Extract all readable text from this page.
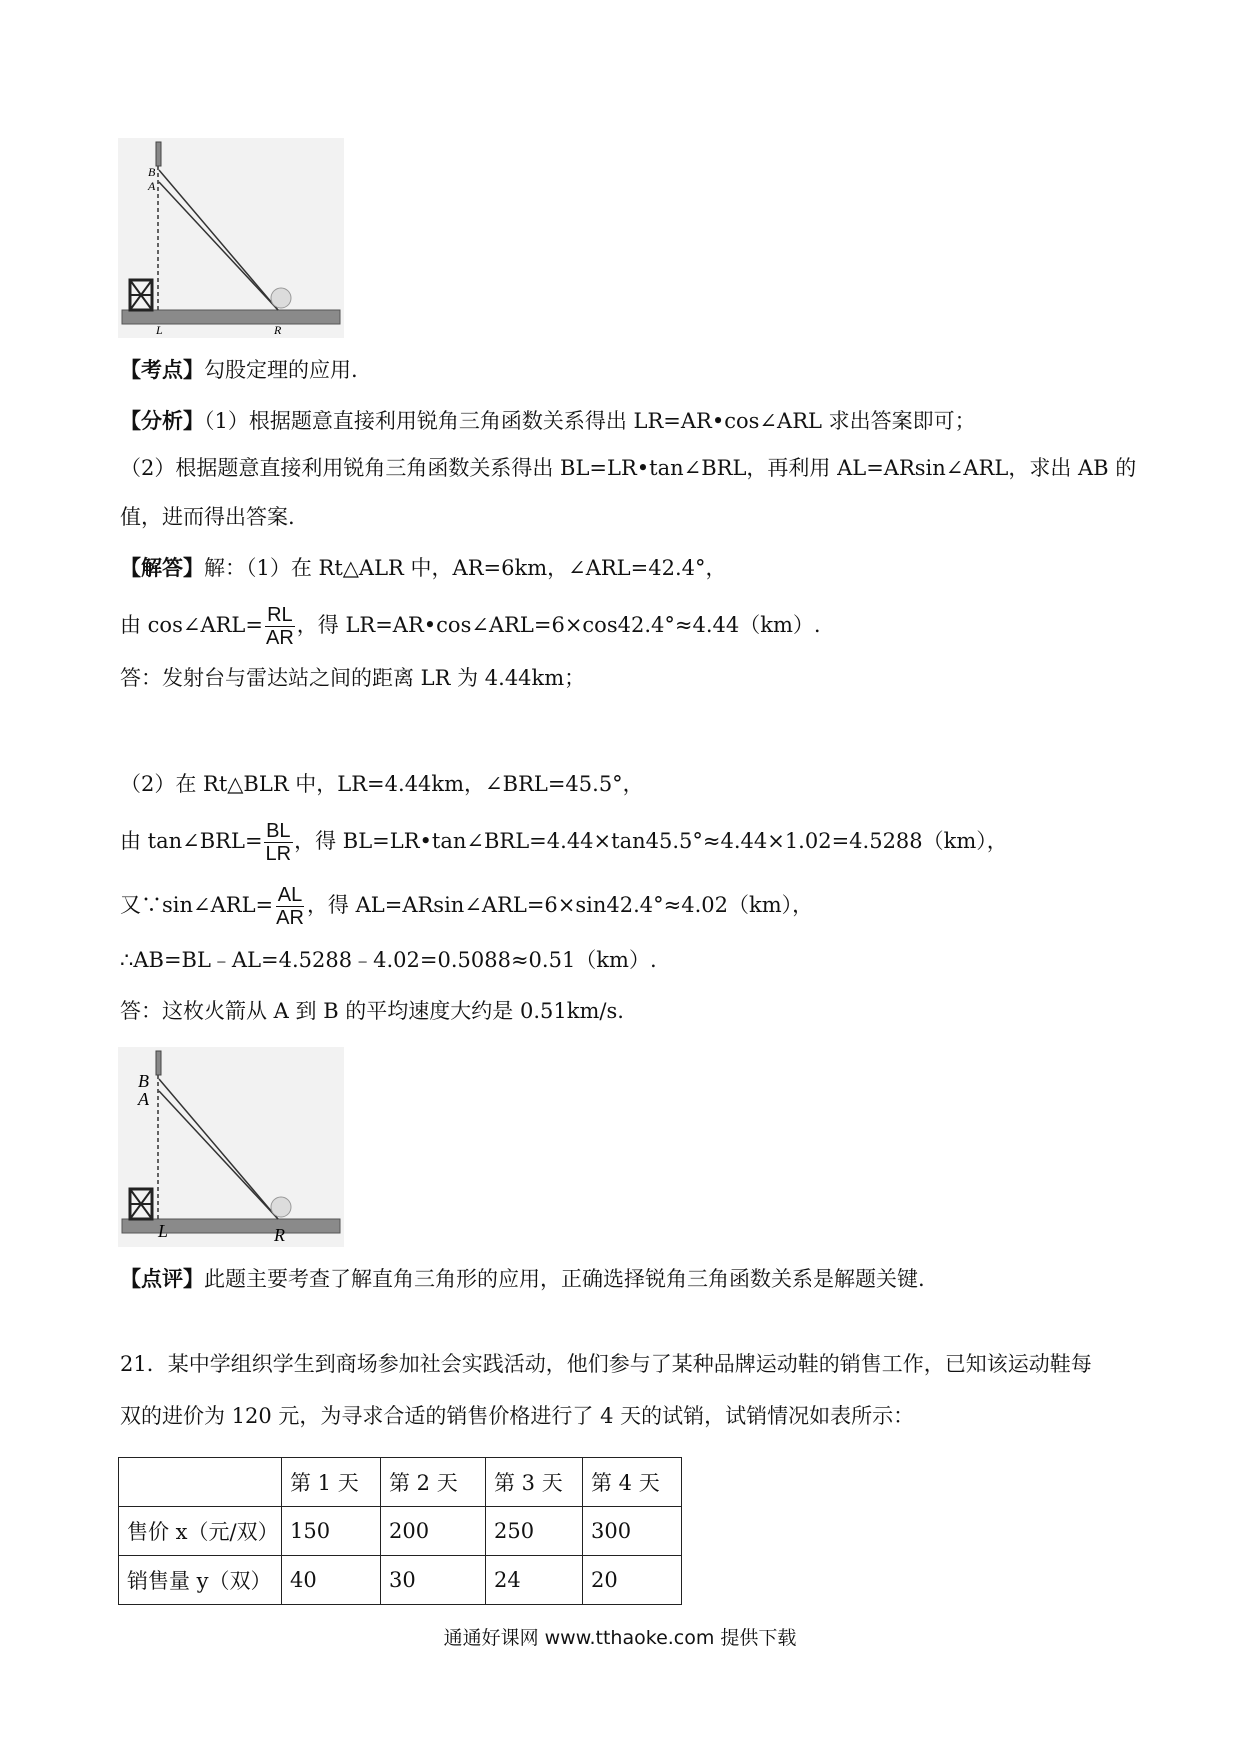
B
A
L	R
【考点】勾股定理的应用.
【分析】（1）根据题意直接利用锐角三角函数关系得出 LR=AR•cos∠ARL 求出答案即可；
（2）根据题意直接利用锐角三角函数关系得出 BL=LR•tan∠BRL，再利用 AL=ARsin∠ARL，求出 AB 的
值，进而得出答案.
【解答】解：（1）在 Rt△ALR 中，AR=6km，∠ARL=42.4°，
由 cos∠ARL= $\frac{RL}{AR}$ ，得 LR=AR•cos∠ARL=6×cos42.4°≈4.44（km）.
答：发射台与雷达站之间的距离 LR 为 4.44km；
（2）在 Rt△BLR 中，LR=4.44km，∠BRL=45.5°，
由 tan∠BRL= $\frac{BL}{LR}$ ，得 BL=LR•tan∠BRL=4.44×tan45.5°≈4.44×1.02=4.5288（km），
又∵sin∠ARL= $\frac{AL}{AR}$ ，得 AL=ARsin∠ARL=6×sin42.4°≈4.02（km），
∴AB=BL﹣AL=4.5288﹣4.02=0.5088≈0.51（km）.
答：这枚火箭从 A 到 B 的平均速度大约是 0.51km/s.
B
A
L	R
【点评】此题主要考查了解直角三角形的应用，正确选择锐角三角函数关系是解题关键.
21．某中学组织学生到商场参加社会实践活动，他们参与了某种品牌运动鞋的销售工作，已知该运动鞋每
双的进价为 120 元，为寻求合适的销售价格进行了 4 天的试销，试销情况如表所示：
	第 1 天	第 2 天	第 3 天	第 4 天
售价 x（元/双）	150	200	250	300
销售量 y（双）	40	30	24	20
通通好课网 www.tthaoke.com 提供下载
